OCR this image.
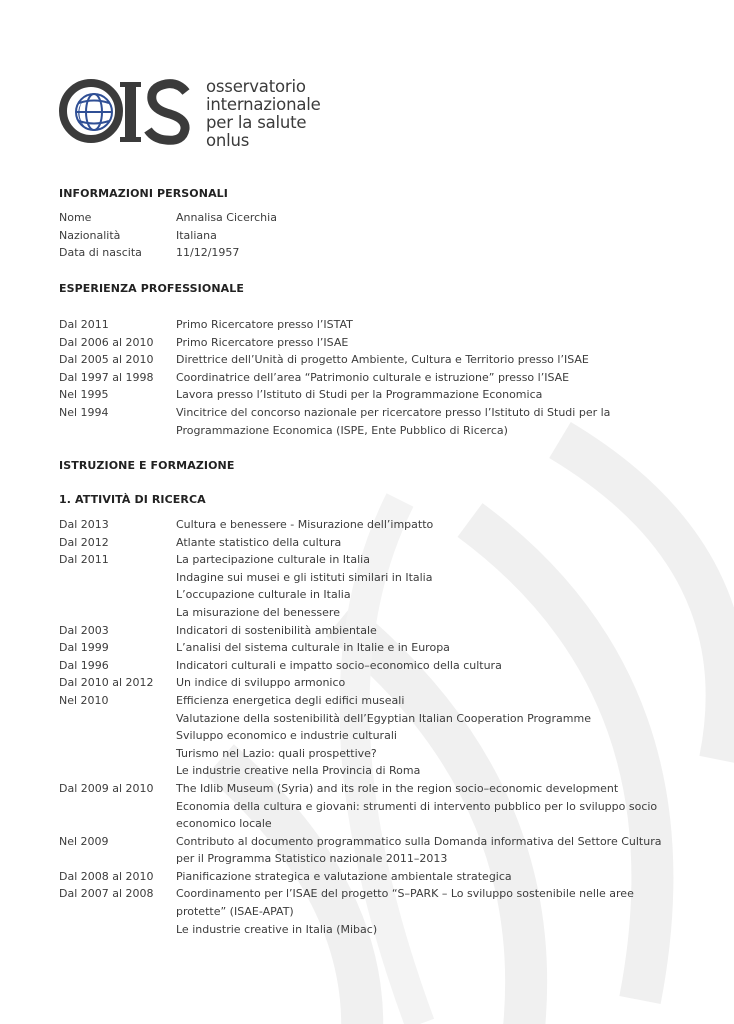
osservatorio
internazionale
per la salute
onlus
INFORMAZIONI PERSONALI
Nome	Annalisa Cicerchia
Nazionalità	Italiana
Data di nascita	11/12/1957
ESPERIENZA PROFESSIONALE
Dal 2011	Primo Ricercatore presso l’ISTAT
Dal 2006 al 2010	Primo Ricercatore presso l’ISAE
Dal 2005 al 2010	Direttrice dell’Unità di progetto Ambiente, Cultura e Territorio presso l’ISAE
Dal 1997 al 1998	Coordinatrice dell’area “Patrimonio culturale e istruzione” presso l’ISAE
Nel 1995	Lavora presso l’Istituto di Studi per la Programmazione Economica
Nel 1994	Vincitrice del concorso nazionale per ricercatore presso l’Istituto di Studi per la Programmazione Economica (ISPE, Ente Pubblico di Ricerca)
ISTRUZIONE E FORMAZIONE
1. ATTIVITÀ DI RICERCA
Dal 2013	Cultura e benessere - Misurazione dell’impatto
Dal 2012	Atlante statistico della cultura
Dal 2011	La partecipazione culturale in Italia
Indagine sui musei e gli istituti similari in Italia
L’occupazione culturale in Italia
La misurazione del benessere
Dal 2003	Indicatori di sostenibilità ambientale
Dal 1999	L’analisi del sistema culturale in Italie e in Europa
Dal 1996	Indicatori culturali e impatto socio–economico della cultura
Dal 2010 al 2012	Un indice di sviluppo armonico
Nel 2010	Efficienza energetica degli edifici museali
Valutazione della sostenibilità dell’Egyptian Italian Cooperation Programme
Sviluppo economico e industrie culturali
Turismo nel Lazio: quali prospettive?
Le industrie creative nella Provincia di Roma
Dal 2009 al 2010	The Idlib Museum (Syria) and its role in the region socio–economic development
Economia della cultura e giovani: strumenti di intervento pubblico per lo sviluppo socio economico locale
Nel 2009	Contributo al documento programmatico sulla Domanda informativa del Settore Cultura per il Programma Statistico nazionale 2011–2013
Dal 2008 al 2010	Pianificazione strategica e valutazione ambientale strategica
Dal 2007 al 2008	Coordinamento per l’ISAE del progetto “S–PARK – Lo sviluppo sostenibile nelle aree protette” (ISAE-APAT)
Le industrie creative in Italia (Mibac)
